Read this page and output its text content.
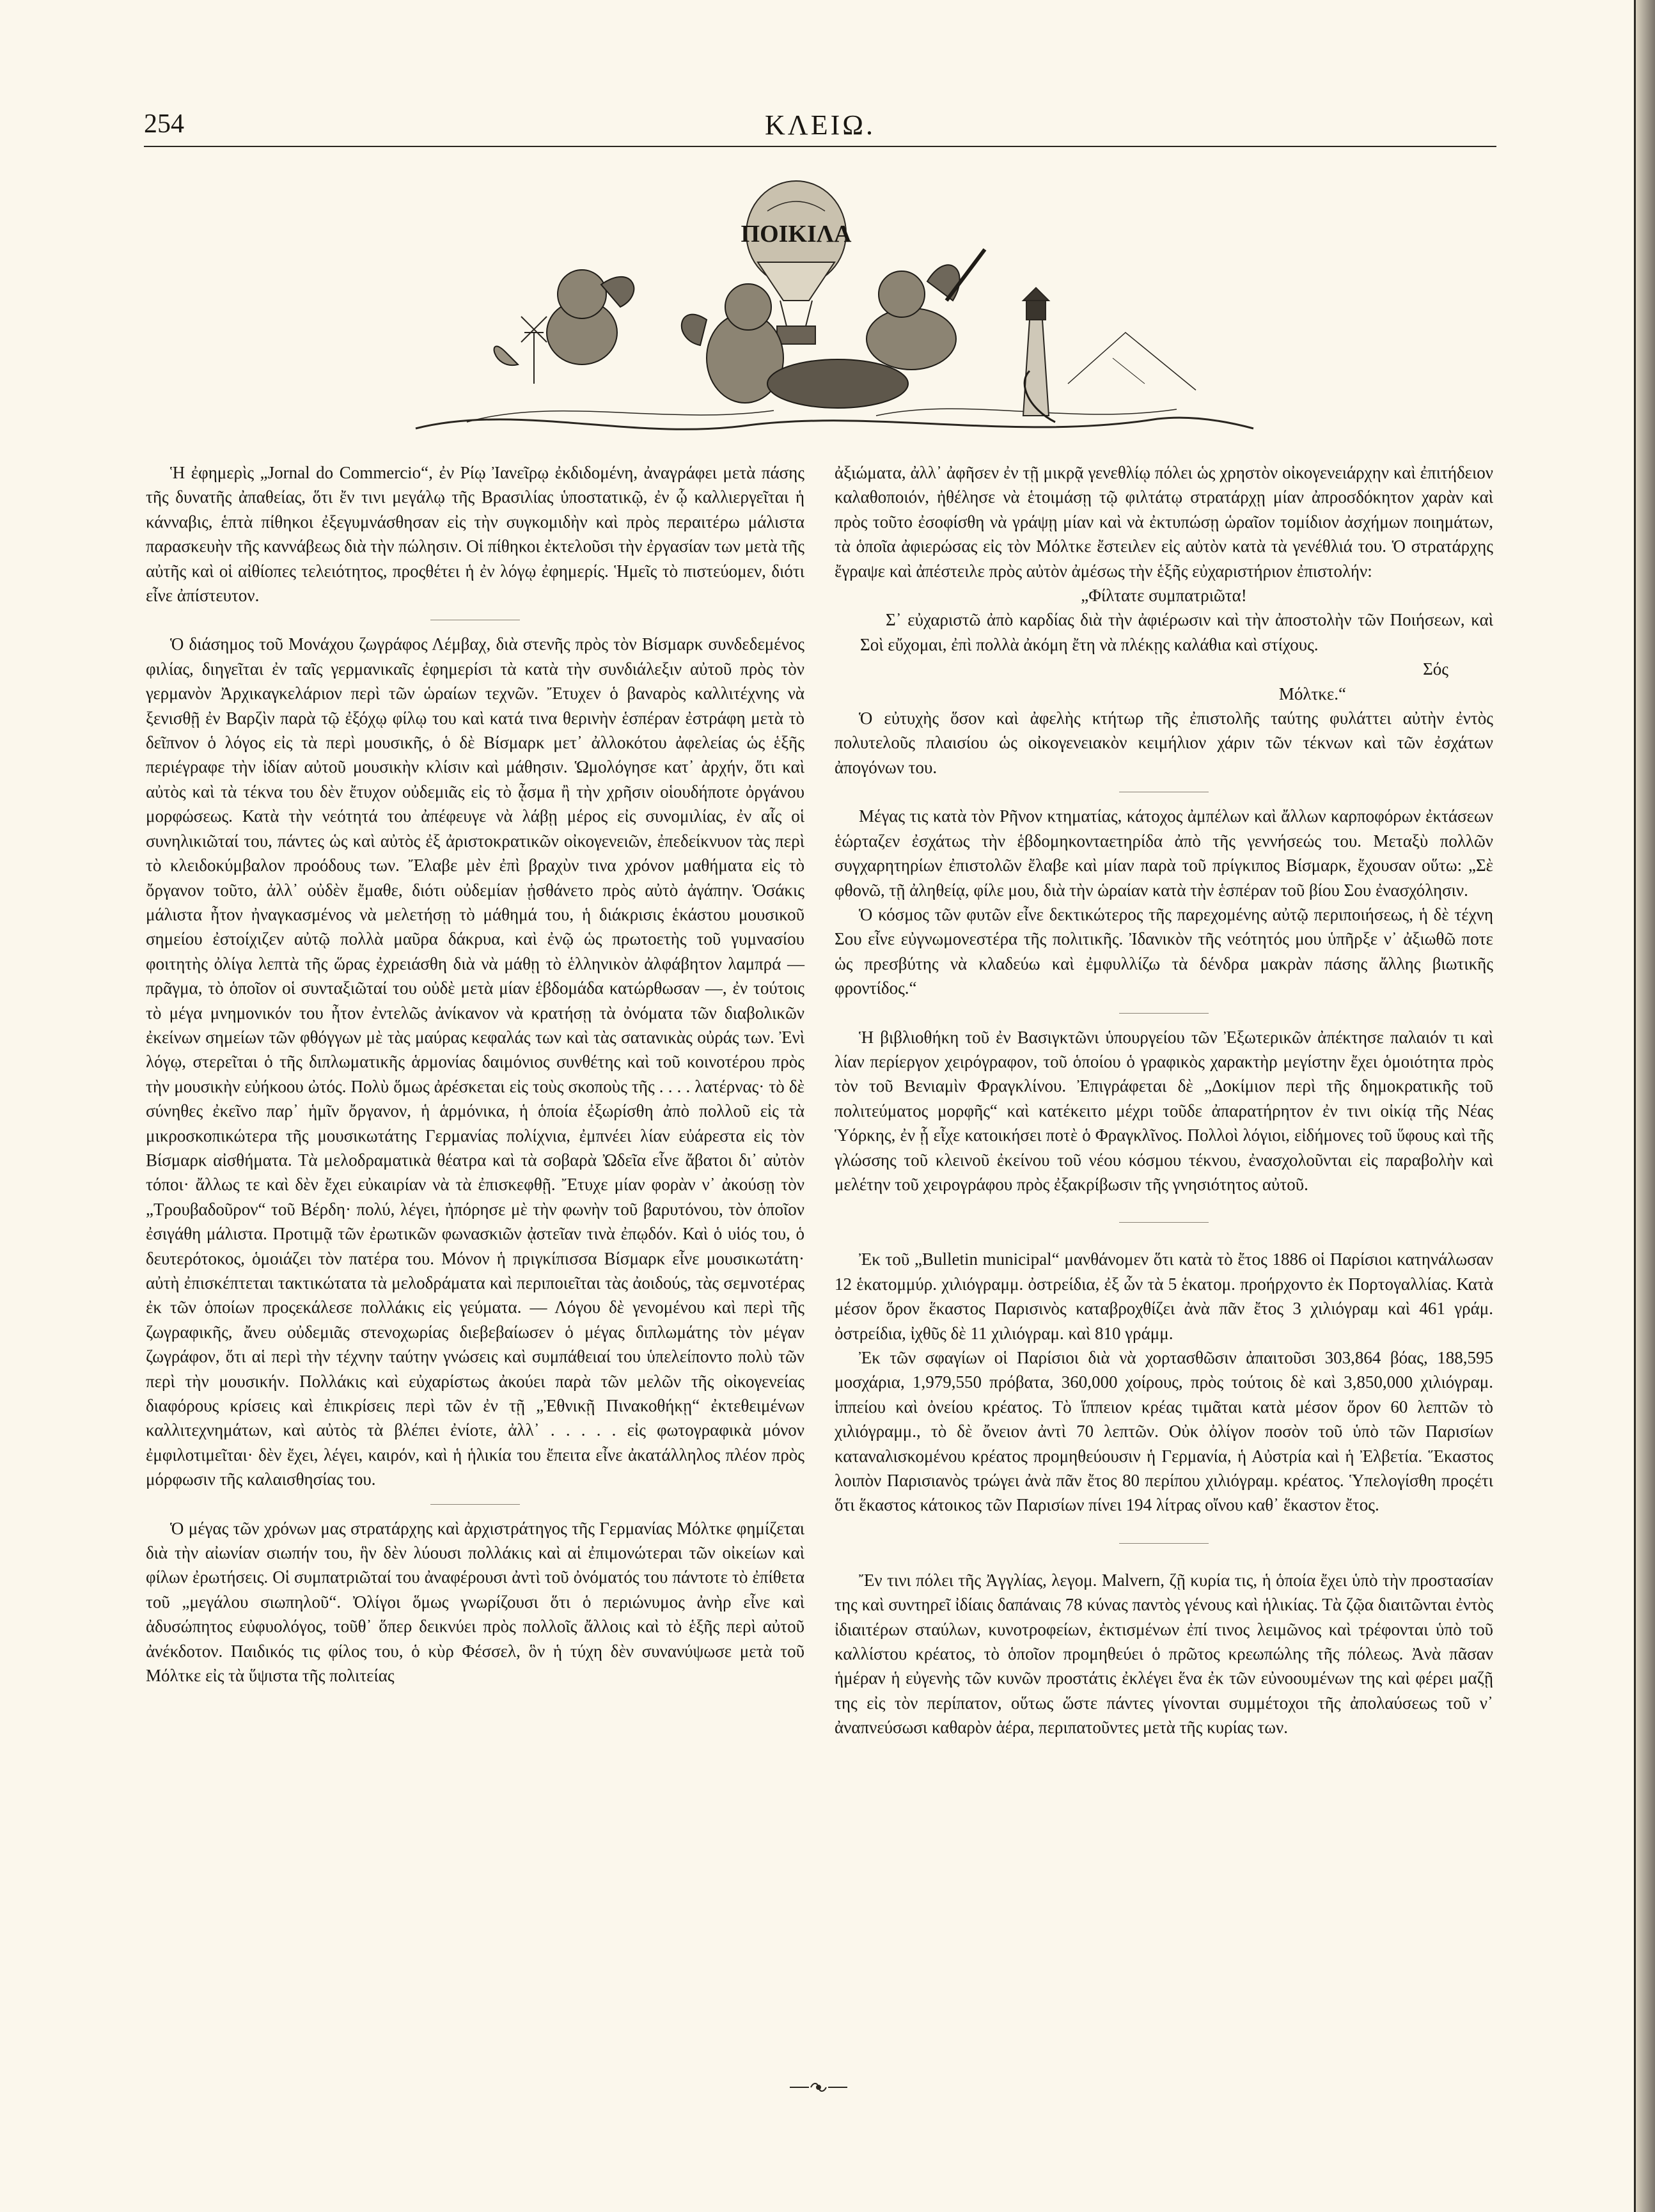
254	ΚΛΕΙΩ.
ΠΟΙΚΙΛΑ

Ἡ ἐφημερὶς „Jornal do Commercio“, ἐν Ρίῳ Ἰανεῖρῳ ἐκδιδομένη, ἀναγράφει μετὰ πάσης τῆς δυνατῆς ἀπαθείας, ὅτι ἔν τινι μεγάλῳ τῆς Βρασιλίας ὑποστατικῷ, ἐν ᾧ καλλιεργεῖται ἡ κάνναβις, ἑπτὰ πίθηκοι ἐξεγυμνάσθησαν εἰς τὴν συγκομιδὴν καὶ πρὸς περαιτέρω μάλιστα παρασκευὴν τῆς καννάβεως διὰ τὴν πώλησιν. Οἱ πίθηκοι ἐκτελοῦσι τὴν ἐργασίαν των μετὰ τῆς αὐτῆς καὶ οἱ αἰθίοπες τελειότητος, προςθέτει ἡ ἐν λόγῳ ἐφημερίς. Ἡμεῖς τὸ πιστεύομεν, διότι εἶνε ἀπίστευτον.

Ὁ διάσημος τοῦ Μονάχου ζωγράφος Λέμβαχ, διὰ στενῆς πρὸς τὸν Βίσμαρκ συνδεδεμένος φιλίας, διηγεῖται ἐν ταῖς γερμανικαῖς ἐφημερίσι τὰ κατὰ τὴν συνδιάλεξιν αὐτοῦ πρὸς τὸν γερμανὸν Ἀρχικαγκελάριον περὶ τῶν ὡραίων τεχνῶν. Ἔτυχεν ὁ βαναρὸς καλλιτέχνης νὰ ξενισθῇ ἐν Βαρζὶν παρὰ τῷ ἐξόχῳ φίλῳ του καὶ κατά τινα θερινὴν ἑσπέραν ἐστράφη μετὰ τὸ δεῖπνον ὁ λόγος εἰς τὰ περὶ μουσικῆς, ὁ δὲ Βίσμαρκ μετ᾽ ἀλλοκότου ἀφελείας ὡς ἑξῆς περιέγραφε τὴν ἰδίαν αὐτοῦ μουσικὴν κλίσιν καὶ μάθησιν. Ὡμολόγησε κατ᾽ ἀρχήν, ὅτι καὶ αὐτὸς καὶ τὰ τέκνα του δὲν ἔτυχον οὐδεμιᾶς εἰς τὸ ᾆσμα ἢ τὴν χρῆσιν οἱουδήποτε ὀργάνου μορφώσεως. Κατὰ τὴν νεότητά του ἀπέφευγε νὰ λάβῃ μέρος εἰς συνομιλίας, ἐν αἷς οἱ συνηλικιῶταί του, πάντες ὡς καὶ αὐτὸς ἐξ ἀριστοκρατικῶν οἰκογενειῶν, ἐπεδείκνυον τὰς περὶ τὸ κλειδοκύμβαλον προόδους των. Ἔλαβε μὲν ἐπὶ βραχὺν τινα χρόνον μαθήματα εἰς τὸ ὄργανον τοῦτο, ἀλλ᾽ οὐδὲν ἔμαθε, διότι οὐδεμίαν ᾐσθάνετο πρὸς αὐτὸ ἀγάπην. Ὁσάκις μάλιστα ἦτον ἠναγκασμένος νὰ μελετήσῃ τὸ μάθημά του, ἡ διάκρισις ἑκάστου μουσικοῦ σημείου ἐστοίχιζεν αὐτῷ πολλὰ μαῦρα δάκρυα, καὶ ἐνῷ ὡς πρωτοετὴς τοῦ γυμνασίου φοιτητὴς ὀλίγα λεπτὰ τῆς ὥρας ἐχρειάσθη διὰ νὰ μάθῃ τὸ ἑλληνικὸν ἀλφάβητον λαμπρά — πρᾶγμα, τὸ ὁποῖον οἱ συνταξιῶταί του οὐδὲ μετὰ μίαν ἑβδομάδα κατώρθωσαν —, ἐν τούτοις τὸ μέγα μνημονικόν του ἦτον ἐντελῶς ἀνίκανον νὰ κρατήσῃ τὰ ὀνόματα τῶν διαβολικῶν ἐκείνων σημείων τῶν φθόγγων μὲ τὰς μαύρας κεφαλάς των καὶ τὰς σατανικὰς οὐράς των. Ἐνὶ λόγῳ, στερεῖται ὁ τῆς διπλωματικῆς ἁρμονίας δαιμόνιος συνθέτης καὶ τοῦ κοινοτέρου πρὸς τὴν μουσικὴν εὐήκοου ὠτός. Πολὺ ὅμως ἀρέσκεται εἰς τοὺς σκοποὺς τῆς . . . . λατέρνας· τὸ δὲ σύνηθες ἐκεῖνο παρ᾽ ἡμῖν ὄργανον, ἡ ἁρμόνικα, ἡ ὁποία ἐξωρίσθη ἀπὸ πολλοῦ εἰς τὰ μικροσκοπικώτερα τῆς μουσικωτάτης Γερμανίας πολίχνια, ἐμπνέει λίαν εὐάρεστα εἰς τὸν Βίσμαρκ αἰσθήματα. Τὰ μελοδραματικὰ θέατρα καὶ τὰ σοβαρὰ Ὠδεῖα εἶνε ἄβατοι δι᾽ αὐτὸν τόποι· ἄλλως τε καὶ δὲν ἔχει εὐκαιρίαν νὰ τὰ ἐπισκεφθῇ. Ἔτυχε μίαν φορὰν ν᾽ ἀκούσῃ τὸν „Τρουβαδοῦρον“ τοῦ Βέρδη· πολύ, λέγει, ἠπόρησε μὲ τὴν φωνὴν τοῦ βαρυτόνου, τὸν ὁποῖον ἐσιγάθη μάλιστα. Προτιμᾷ τῶν ἐρωτικῶν φωνασκιῶν ᾀστεῖαν τινὰ ἐπῳδόν. Καὶ ὁ υἱός του, ὁ δευτερότοκος, ὁμοιάζει τὸν πατέρα του. Μόνον ἡ πριγκίπισσα Βίσμαρκ εἶνε μουσικωτάτη· αὐτὴ ἐπισκέπτεται τακτικώτατα τὰ μελοδράματα καὶ περιποιεῖται τὰς ἀοιδούς, τὰς σεμνοτέρας ἐκ τῶν ὁποίων προςεκάλεσε πολλάκις εἰς γεύματα. — Λόγου δὲ γενομένου καὶ περὶ τῆς ζωγραφικῆς, ἄνευ οὐδεμιᾶς στενοχωρίας διεβεβαίωσεν ὁ μέγας διπλωμάτης τὸν μέγαν ζωγράφον, ὅτι αἱ περὶ τὴν τέχνην ταύτην γνώσεις καὶ συμπάθειαί του ὑπελείποντο πολὺ τῶν περὶ τὴν μουσικήν. Πολλάκις καὶ εὐχαρίστως ἀκούει παρὰ τῶν μελῶν τῆς οἰκογενείας διαφόρους κρίσεις καὶ ἐπικρίσεις περὶ τῶν ἐν τῇ „Ἐθνικῇ Πινακοθήκῃ“ ἐκτεθειμένων καλλιτεχνημάτων, καὶ αὐτὸς τὰ βλέπει ἐνίοτε, ἀλλ᾽ . . . . . εἰς φωτογραφικὰ μόνον ἐμφιλοτιμεῖται· δὲν ἔχει, λέγει, καιρόν, καὶ ἡ ἡλικία του ἔπειτα εἶνε ἀκατάλληλος πλέον πρὸς μόρφωσιν τῆς καλαισθησίας του.

Ὁ μέγας τῶν χρόνων μας στρατάρχης καὶ ἀρχιστράτηγος τῆς Γερμανίας Μόλτκε φημίζεται διὰ τὴν αἰωνίαν σιωπήν του, ἣν δὲν λύουσι πολλάκις καὶ αἱ ἐπιμονώτεραι τῶν οἰκείων καὶ φίλων ἐρωτήσεις. Οἱ συμπατριῶταί του ἀναφέρουσι ἀντὶ τοῦ ὀνόματός του πάντοτε τὸ ἐπίθετα τοῦ „μεγάλου σιωπηλοῦ“. Ὀλίγοι ὅμως γνωρίζουσι ὅτι ὁ περιώνυμος ἀνὴρ εἶνε καὶ ἀδυσώπητος εὐφυολόγος, τοῦθ᾽ ὅπερ δεικνύει πρὸς πολλοῖς ἄλλοις καὶ τὸ ἑξῆς περὶ αὐτοῦ ἀνέκδοτον. Παιδικός τις φίλος του, ὁ κὺρ Φέσσελ, ὃν ἡ τύχη δὲν συνανύψωσε μετὰ τοῦ Μόλτκε εἰς τὰ ὕψιστα τῆς πολιτείας

ἀξιώματα, ἀλλ᾽ ἀφῆσεν ἐν τῇ μικρᾷ γενεθλίῳ πόλει ὡς χρηστὸν οἰκογενειάρχην καὶ ἐπιτήδειον καλαθοποιόν, ἠθέλησε νὰ ἑτοιμάσῃ τῷ φιλτάτῳ στρατάρχῃ μίαν ἀπροσδόκητον χαρὰν καὶ πρὸς τοῦτο ἐσοφίσθη νὰ γράψῃ μίαν καὶ νὰ ἐκτυπώσῃ ὡραῖον τομίδιον ἀσχήμων ποιημάτων, τὰ ὁποῖα ἀφιερώσας εἰς τὸν Μόλτκε ἔστειλεν εἰς αὐτὸν κατὰ τὰ γενέθλιά του. Ὁ στρατάρχης ἔγραψε καὶ ἀπέστειλε πρὸς αὐτὸν ἀμέσως τὴν ἑξῆς εὐχαριστήριον ἐπιστολήν:

„Φίλτατε συμπατριῶτα!

Σ᾽ εὐχαριστῶ ἀπὸ καρδίας διὰ τὴν ἀφιέρωσιν καὶ τὴν ἀποστολὴν τῶν Ποιήσεων, καὶ Σοὶ εὔχομαι, ἐπὶ πολλὰ ἀκόμη ἔτη νὰ πλέκῃς καλάθια καὶ στίχους.

Σός

Μόλτκε.“

Ὁ εὐτυχὴς ὅσον καὶ ἀφελὴς κτήτωρ τῆς ἐπιστολῆς ταύτης φυλάττει αὐτὴν ἐντὸς πολυτελοῦς πλαισίου ὡς οἰκογενειακὸν κειμήλιον χάριν τῶν τέκνων καὶ τῶν ἐσχάτων ἀπογόνων του.

Μέγας τις κατὰ τὸν Ρῆνον κτηματίας, κάτοχος ἀμπέλων καὶ ἄλλων καρποφόρων ἐκτάσεων ἑώρταζεν ἐσχάτως τὴν ἑβδομηκονταετηρίδα ἀπὸ τῆς γεννήσεώς του. Μεταξὺ πολλῶν συγχαρητηρίων ἐπιστολῶν ἔλαβε καὶ μίαν παρὰ τοῦ πρίγκιπος Βίσμαρκ, ἔχουσαν οὕτω: „Σὲ φθονῶ, τῇ ἀληθείᾳ, φίλε μου, διὰ τὴν ὡραίαν κατὰ τὴν ἑσπέραν τοῦ βίου Σου ἐνασχόλησιν.

Ὁ κόσμος τῶν φυτῶν εἶνε δεκτικώτερος τῆς παρεχομένης αὐτῷ περιποιήσεως, ἡ δὲ τέχνη Σου εἶνε εὐγνωμονεστέρα τῆς πολιτικῆς. Ἰδανικὸν τῆς νεότητός μου ὑπῆρξε ν᾽ ἀξιωθῶ ποτε ὡς πρεσβύτης νὰ κλαδεύω καὶ ἐμφυλλίζω τὰ δένδρα μακρὰν πάσης ἄλλης βιωτικῆς φροντίδος.“

Ἡ βιβλιοθήκη τοῦ ἐν Βασιγκτῶνι ὑπουργείου τῶν Ἐξωτερικῶν ἀπέκτησε παλαιόν τι καὶ λίαν περίεργον χειρόγραφον, τοῦ ὁποίου ὁ γραφικὸς χαρακτὴρ μεγίστην ἔχει ὁμοιότητα πρὸς τὸν τοῦ Βενιαμὶν Φραγκλίνου. Ἐπιγράφεται δὲ „Δοκίμιον περὶ τῆς δημοκρατικῆς τοῦ πολιτεύματος μορφῆς“ καὶ κατέκειτο μέχρι τοῦδε ἀπαρατήρητον ἐν τινι οἰκίᾳ τῆς Νέας Ὑόρκης, ἐν ᾗ εἶχε κατοικήσει ποτὲ ὁ Φραγκλῖνος. Πολλοὶ λόγιοι, εἰδήμονες τοῦ ὕφους καὶ τῆς γλώσσης τοῦ κλεινοῦ ἐκείνου τοῦ νέου κόσμου τέκνου, ἐνασχολοῦνται εἰς παραβολὴν καὶ μελέτην τοῦ χειρογράφου πρὸς ἐξακρίβωσιν τῆς γνησιότητος αὐτοῦ.

Ἐκ τοῦ „Bulletin municipal“ μανθάνομεν ὅτι κατὰ τὸ ἔτος 1886 οἱ Παρίσιοι κατηνάλωσαν 12 ἑκατομμύρ. χιλιόγραμμ. ὀστρείδια, ἐξ ὧν τὰ 5 ἑκατομ. προήρχοντο ἐκ Πορτογαλλίας. Κατὰ μέσον ὅρον ἕκαστος Παρισινὸς καταβροχθίζει ἀνὰ πᾶν ἔτος 3 χιλιόγραμ καὶ 461 γράμ. ὀστρείδια, ἰχθῦς δὲ 11 χιλιόγραμ. καὶ 810 γράμμ.

Ἐκ τῶν σφαγίων οἱ Παρίσιοι διὰ νὰ χορτασθῶσιν ἀπαιτοῦσι 303,864 βόας, 188,595 μοσχάρια, 1,979,550 πρόβατα, 360,000 χοίρους, πρὸς τούτοις δὲ καὶ 3,850,000 χιλιόγραμ. ἱππείου καὶ ὀνείου κρέατος. Τὸ ἵππειον κρέας τιμᾶται κατὰ μέσον ὅρον 60 λεπτῶν τὸ χιλιόγραμμ., τὸ δὲ ὄνειον ἀντὶ 70 λεπτῶν. Οὐκ ὀλίγον ποσὸν τοῦ ὑπὸ τῶν Παρισίων καταναλισκομένου κρέατος προμηθεύουσιν ἡ Γερμανία, ἡ Αὐστρία καὶ ἡ Ἐλβετία. Ἕκαστος λοιπὸν Παρισιανὸς τρώγει ἀνὰ πᾶν ἔτος 80 περίπου χιλιόγραμ. κρέατος. Ὑπελογίσθη προςέτι ὅτι ἕκαστος κάτοικος τῶν Παρισίων πίνει 194 λίτρας οἴνου καθ᾽ ἕκαστον ἔτος.

Ἔν τινι πόλει τῆς Ἀγγλίας, λεγομ. Malvern, ζῇ κυρία τις, ἡ ὁποία ἔχει ὑπὸ τὴν προστασίαν της καὶ συντηρεῖ ἰδίαις δαπάναις 78 κύνας παντὸς γένους καὶ ἡλικίας. Τὰ ζῷα διαιτῶνται ἐντὸς ἰδιαιτέρων σταύλων, κυνοτροφείων, ἐκτισμένων ἐπί τινος λειμῶνος καὶ τρέφονται ὑπὸ τοῦ καλλίστου κρέατος, τὸ ὁποῖον προμηθεύει ὁ πρῶτος κρεωπώλης τῆς πόλεως. Ἀνὰ πᾶσαν ἡμέραν ἡ εὐγενὴς τῶν κυνῶν προστάτις ἐκλέγει ἕνα ἐκ τῶν εὐνοουμένων της καὶ φέρει μαζῇ της εἰς τὸν περίπατον, οὕτως ὥστε πάντες γίνονται συμμέτοχοι τῆς ἀπολαύσεως τοῦ ν᾽ ἀναπνεύσωσι καθαρὸν ἀέρα, περιπατοῦντες μετὰ τῆς κυρίας των.
